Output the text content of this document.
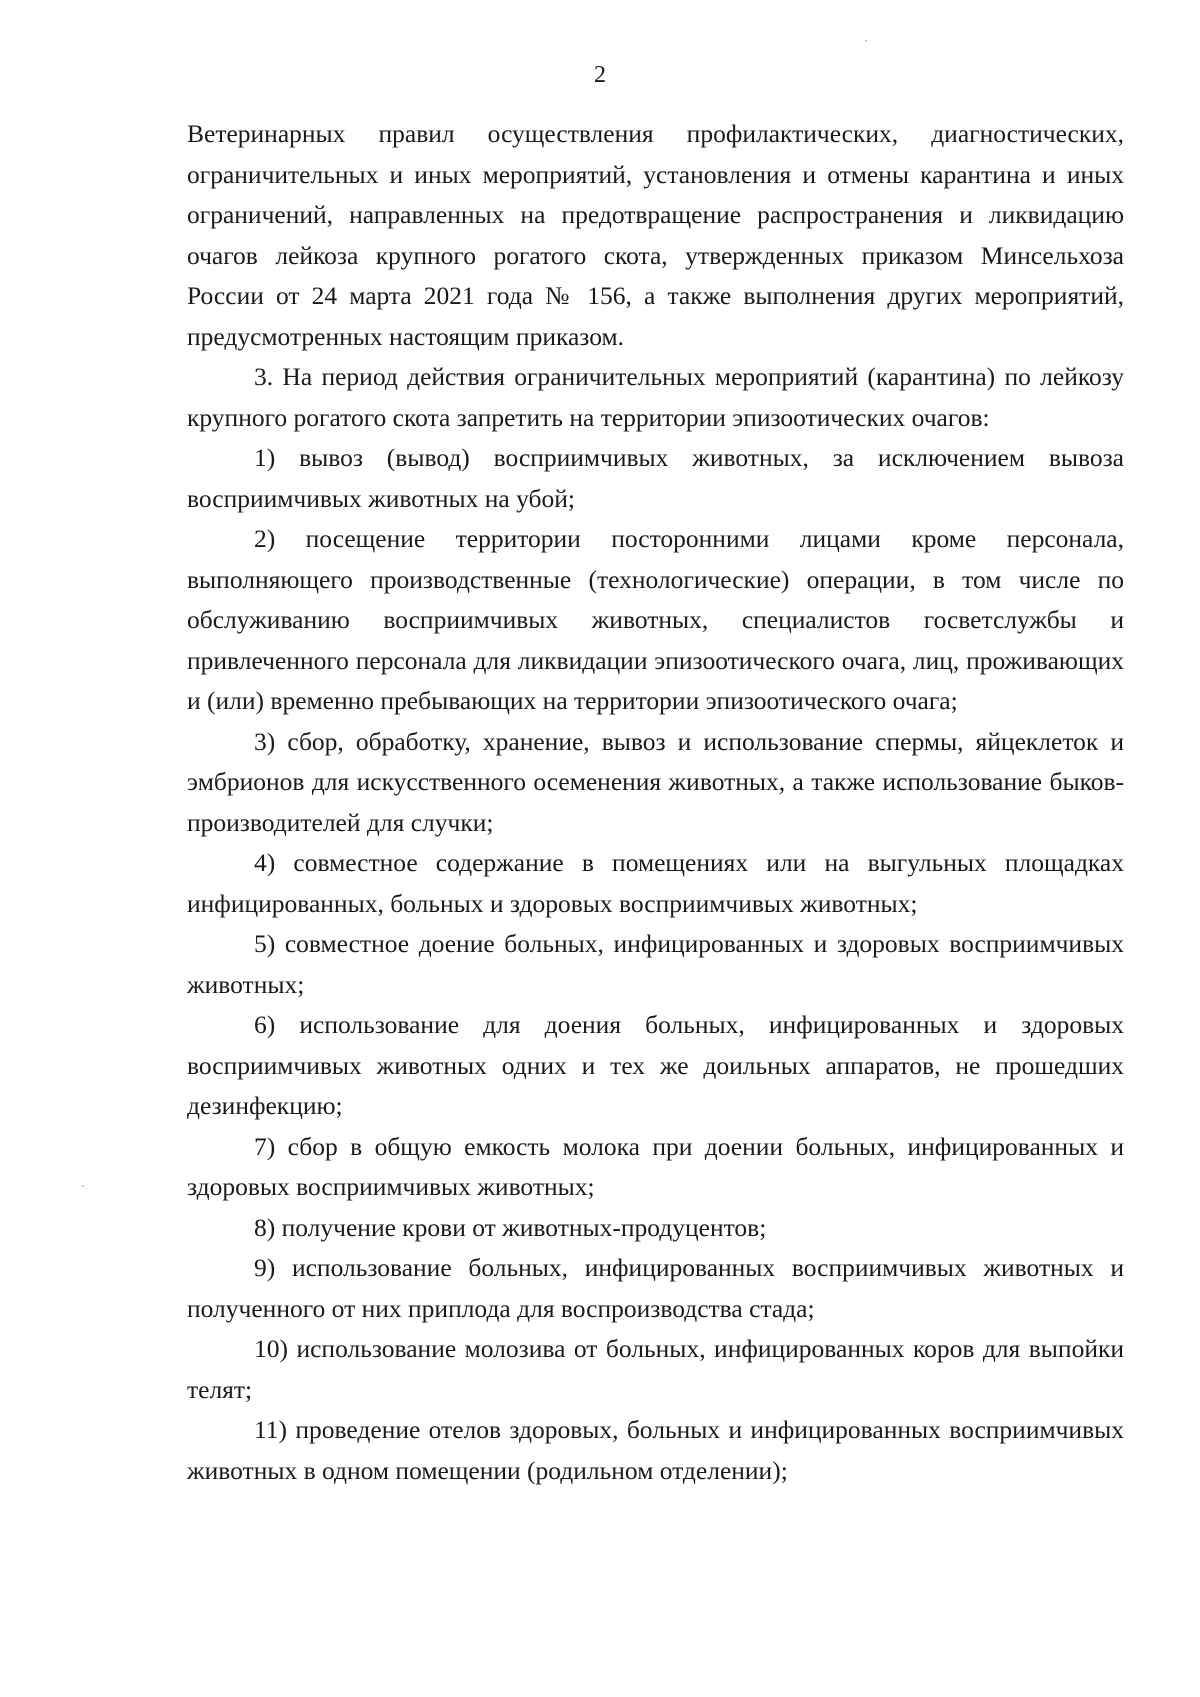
2

Ветеринарных правил осуществления профилактических, диагностических, ограничительных и иных мероприятий, установления и отмены карантина и иных ограничений, направленных на предотвращение распространения и ликвидацию очагов лейкоза крупного рогатого скота, утвержденных приказом Минсельхоза России от 24 марта 2021 года № 156, а также выполнения других мероприятий, предусмотренных настоящим приказом.

3. На период действия ограничительных мероприятий (карантина) по лейкозу крупного рогатого скота запретить на территории эпизоотических очагов:

1) вывоз (вывод) восприимчивых животных, за исключением вывоза восприимчивых животных на убой;

2) посещение территории посторонними лицами кроме персонала, выполняющего производственные (технологические) операции, в том числе по обслуживанию восприимчивых животных, специалистов госветслужбы и привлеченного персонала для ликвидации эпизоотического очага, лиц, проживающих и (или) временно пребывающих на территории эпизоотического очага;

3) сбор, обработку, хранение, вывоз и использование спермы, яйцеклеток и эмбрионов для искусственного осеменения животных, а также использование быков-производителей для случки;

4) совместное содержание в помещениях или на выгульных площадках инфицированных, больных и здоровых восприимчивых животных;

5) совместное доение больных, инфицированных и здоровых восприимчивых животных;

6) использование для доения больных, инфицированных и здоровых восприимчивых животных одних и тех же доильных аппаратов, не прошедших дезинфекцию;

7) сбор в общую емкость молока при доении больных, инфицированных и здоровых восприимчивых животных;

8) получение крови от животных-продуцентов;

9) использование больных, инфицированных восприимчивых животных и полученного от них приплода для воспроизводства стада;

10) использование молозива от больных, инфицированных коров для выпойки телят;

11) проведение отелов здоровых, больных и инфицированных восприимчивых животных в одном помещении (родильном отделении);
